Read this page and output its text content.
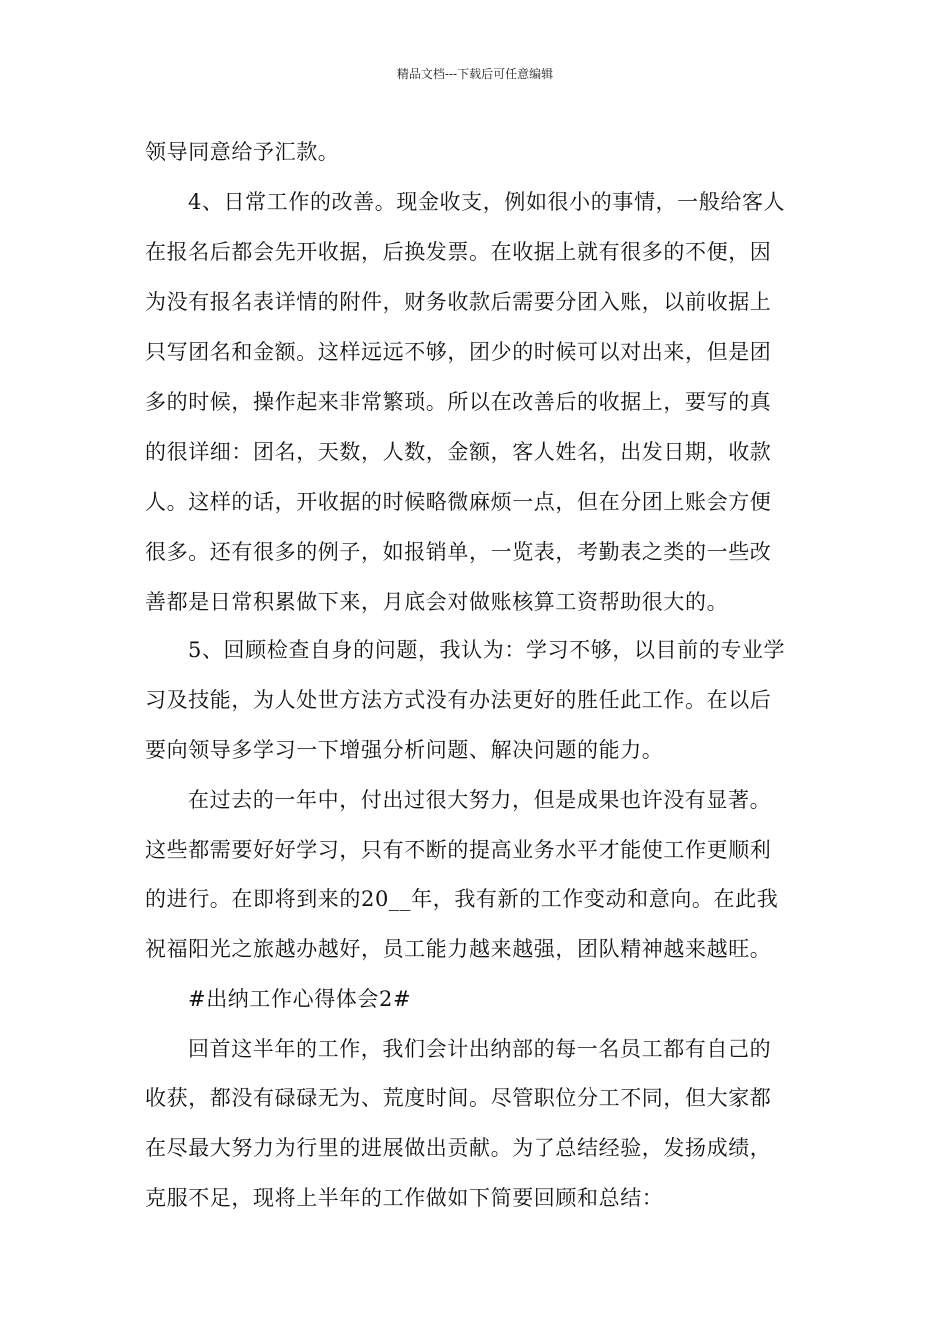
精品文档---下载后可任意编辑
领导同意给予汇款。
4、日常工作的改善。现金收支，例如很小的事情，一般给客人
在报名后都会先开收据，后换发票。在收据上就有很多的不便，因
为没有报名表详情的附件，财务收款后需要分团入账，以前收据上
只写团名和金额。这样远远不够，团少的时候可以对出来，但是团
多的时候，操作起来非常繁琐。所以在改善后的收据上，要写的真
的很详细：团名，天数，人数，金额，客人姓名，出发日期，收款
人。这样的话，开收据的时候略微麻烦一点，但在分团上账会方便
很多。还有很多的例子，如报销单，一览表，考勤表之类的一些改
善都是日常积累做下来，月底会对做账核算工资帮助很大的。
5、回顾检查自身的问题，我认为：学习不够，以目前的专业学
习及技能，为人处世方法方式没有办法更好的胜任此工作。在以后
要向领导多学习一下增强分析问题、解决问题的能力。
在过去的一年中，付出过很大努力，但是成果也许没有显著。
这些都需要好好学习，只有不断的提高业务水平才能使工作更顺利
的进行。在即将到来的20__年，我有新的工作变动和意向。在此我
祝福阳光之旅越办越好，员工能力越来越强，团队精神越来越旺。
#出纳工作心得体会2#
回首这半年的工作，我们会计出纳部的每一名员工都有自己的
收获，都没有碌碌无为、荒度时间。尽管职位分工不同，但大家都
在尽最大努力为行里的进展做出贡献。为了总结经验，发扬成绩，
克服不足，现将上半年的工作做如下简要回顾和总结：
